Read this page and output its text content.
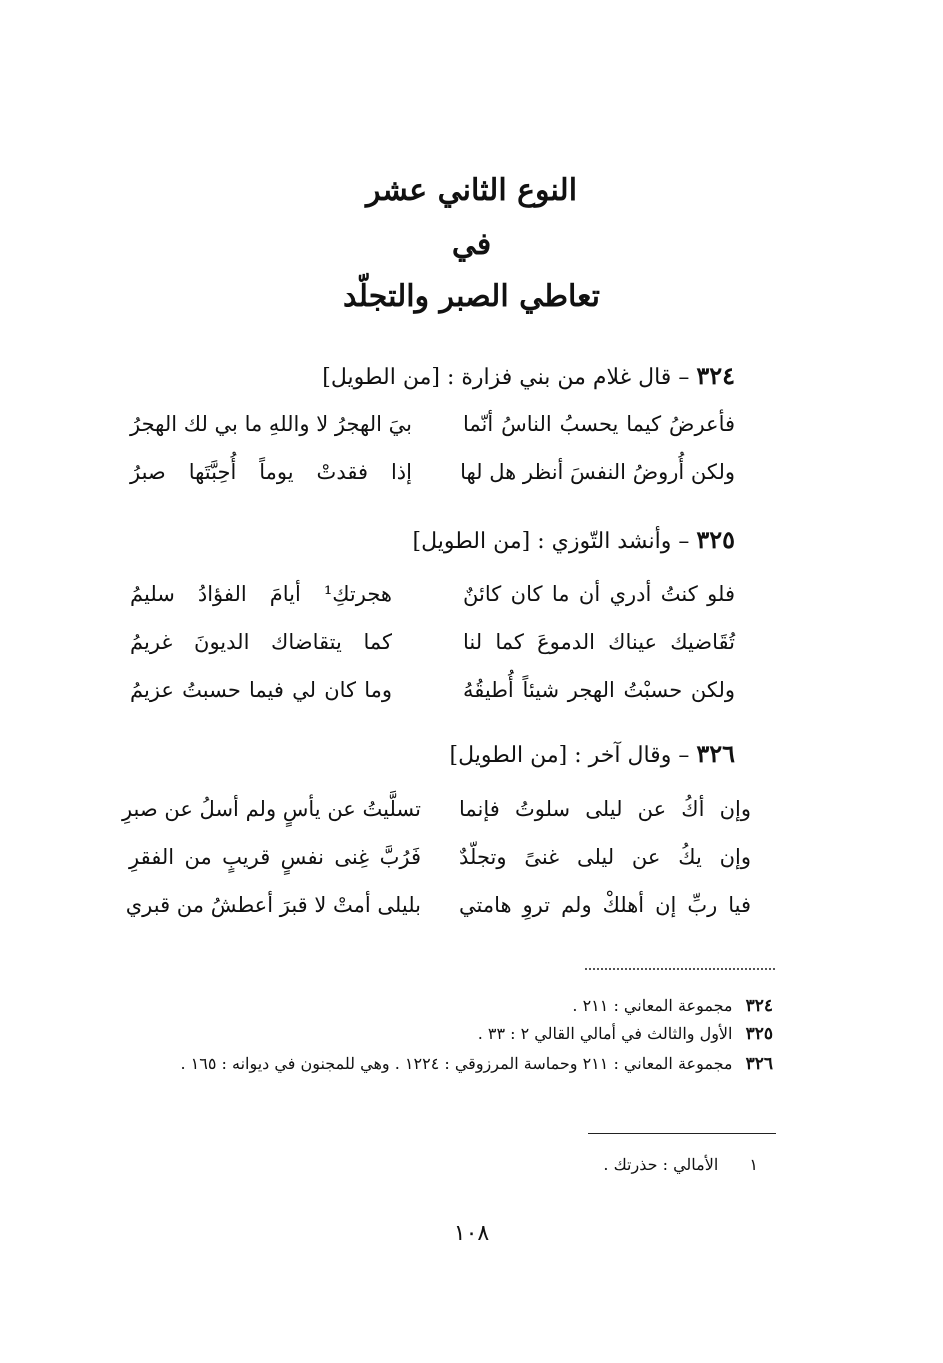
النوع الثاني عشر
في
تعاطي الصبر والتجلّد
٣٢٤ – قال غلام من بني فزارة : [من الطويل]
فأعرضُ كيما يحسبُ الناسُ أنّما
بيَ الهجرُ لا واللهِ ما بي لك الهجرُ
ولكن أُروضُ النفسَ أنظر هل لها
إذا فقدتْ يوماً أُحِبَّتَها صبرُ
٣٢٥ – وأنشد التّوزي : [من الطويل]
فلو كنتُ أدري أن ما كان كائنٌ
هجرتكِ¹ أيامَ الفؤادُ سليمُ
تُقَاضيك عيناك الدموعَ كما لنا
كما يتقاضاك الديونَ غريمُ
ولكن حسبْتُ الهجر شيئاً أُطيقُهُ
وما كان لي فيما حسبتُ عزيمُ
٣٢٦ – وقال آخر : [من الطويل]
وإن أكُ عن ليلى سلوتُ فإنما
تسلَّيتُ عن يأسٍ ولم أسلُ عن صبرِ
وإن يكُ عن ليلى غنىً وتجلّدٌ
فَرُبَّ غِنى نفسٍ قريبٍ من الفقرِ
فيا ربِّ إن أهلكْ ولم تروِ هامتي
بليلى أمتْ لا قبرَ أعطشُ من قبري
٣٢٤ مجموعة المعاني : ٢١١ .
٣٢٥ الأول والثالث في أمالي القالي ٢ : ٣٣ .
٣٢٦ مجموعة المعاني : ٢١١ وحماسة المرزوقي : ١٢٢٤ . وهي للمجنون في ديوانه : ١٦٥ .
١ الأمالي : حذرتك .
١٠٨
